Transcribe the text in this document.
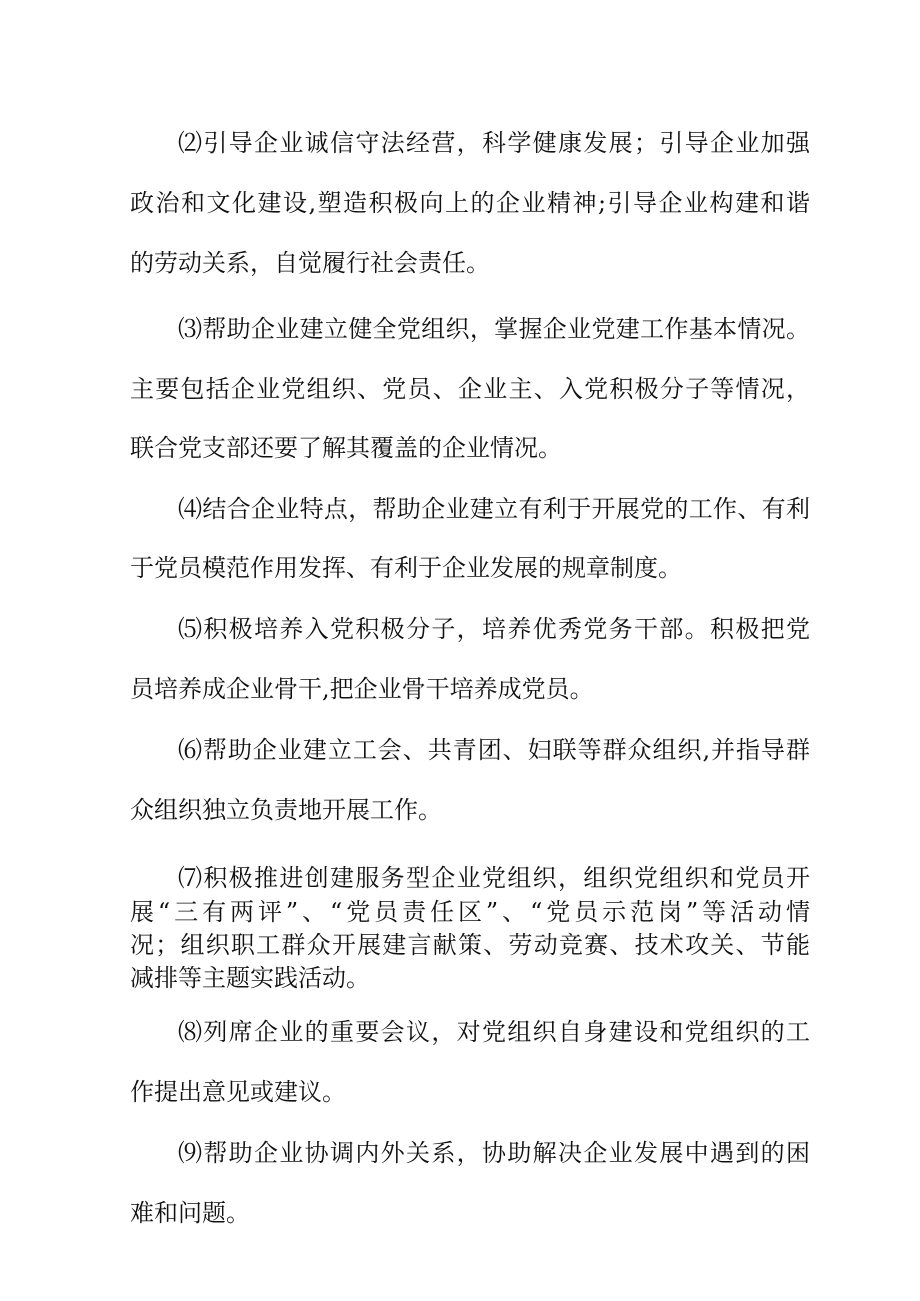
⑵引导企业诚信守法经营，科学健康发展；引导企业加强

政治和文化建设,塑造积极向上的企业精神;引导企业构建和谐

的劳动关系，自觉履行社会责任。

⑶帮助企业建立健全党组织，掌握企业党建工作基本情况。

主要包括企业党组织、党员、企业主、入党积极分子等情况，

联合党支部还要了解其覆盖的企业情况。

⑷结合企业特点，帮助企业建立有利于开展党的工作、有利

于党员模范作用发挥、有利于企业发展的规章制度。

⑸积极培养入党积极分子，培养优秀党务干部。积极把党

员培养成企业骨干,把企业骨干培养成党员。

⑹帮助企业建立工会、共青团、妇联等群众组织,并指导群

众组织独立负责地开展工作。

⑺积极推进创建服务型企业党组织，组织党组织和党员开

展“三有两评”、“党员责任区”、“党员示范岗”等活动情

况；组织职工群众开展建言献策、劳动竞赛、技术攻关、节能

减排等主题实践活动。

⑻列席企业的重要会议，对党组织自身建设和党组织的工

作提出意见或建议。

⑼帮助企业协调内外关系，协助解决企业发展中遇到的困

难和问题。
